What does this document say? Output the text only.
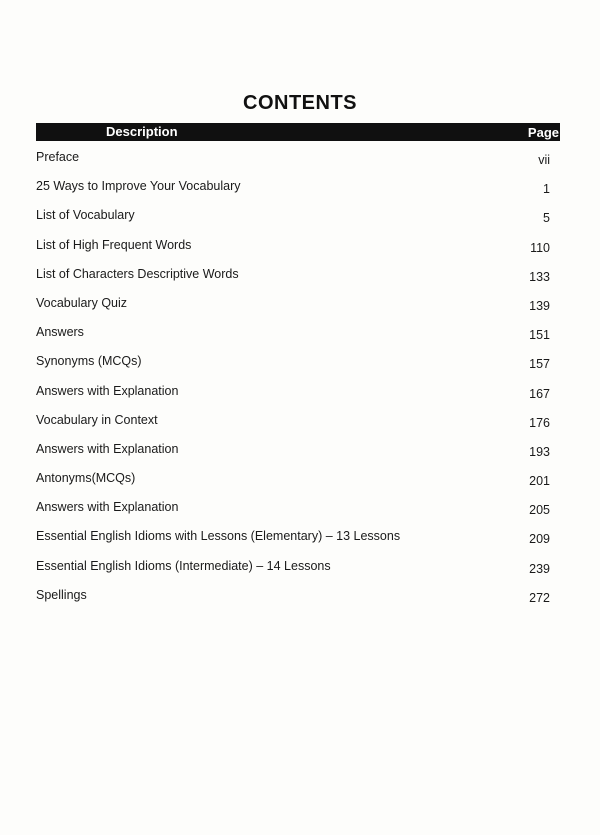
CONTENTS
Description	Page
Preface	vii
25 Ways to Improve Your Vocabulary	1
List of Vocabulary	5
List of High Frequent Words	110
List of Characters Descriptive Words	133
Vocabulary Quiz	139
Answers	151
Synonyms (MCQs)	157
Answers with Explanation	167
Vocabulary in Context	176
Answers with Explanation	193
Antonyms(MCQs)	201
Answers with Explanation	205
Essential English Idioms with Lessons (Elementary) – 13 Lessons	209
Essential English Idioms (Intermediate) – 14 Lessons	239
Spellings	272
